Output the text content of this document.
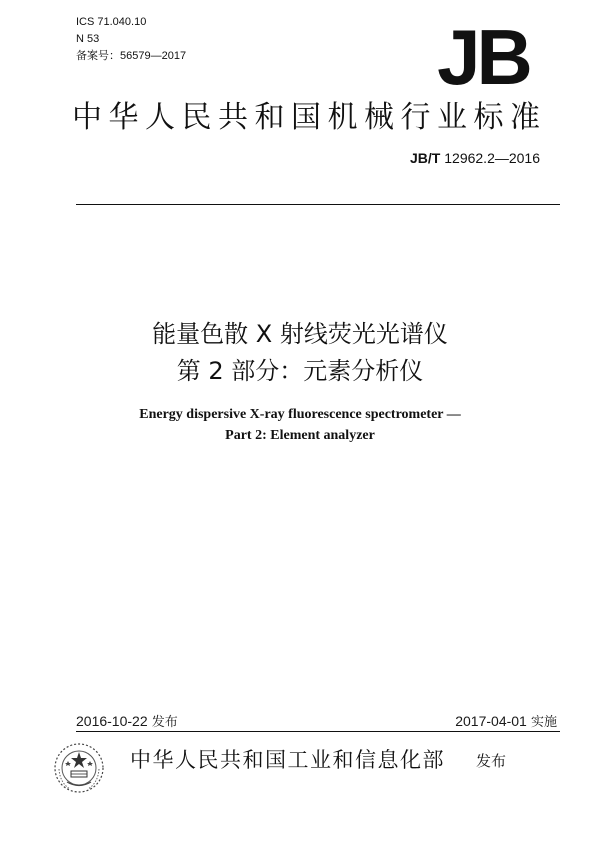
ICS 71.040.10
N 53
备案号：56579—2017	JB
中华人民共和国机械行业标准
JB/T 12962.2—2016
能量色散 X 射线荧光光谱仪
第 2 部分：元素分析仪
Energy dispersive X-ray fluorescence spectrometer —
Part 2: Element analyzer
2016-10-22 发布	2017-04-01 实施
中华人民共和国工业和信息化部 发布
